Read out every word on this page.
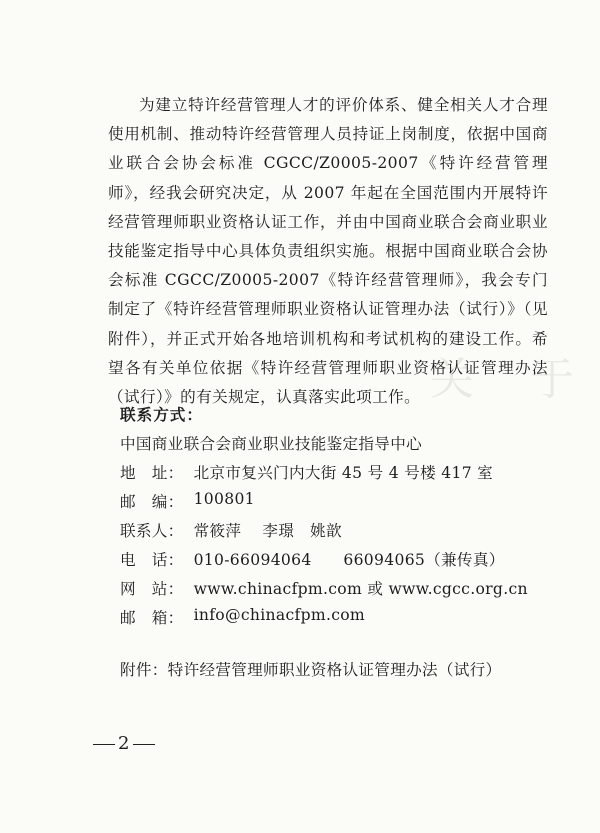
关　于

为建立特许经营管理人才的评价体系、健全相关人才合理使用机制、推动特许经营管理人员持证上岗制度，依据中国商业联合会协会标准 CGCC/Z0005-2007《特许经营管理师》，经我会研究决定，从 2007 年起在全国范围内开展特许经营管理师职业资格认证工作，并由中国商业联合会商业职业技能鉴定指导中心具体负责组织实施。根据中国商业联合会协会标准 CGCC/Z0005-2007《特许经营管理师》，我会专门制定了《特许经营管理师职业资格认证管理办法（试行）》（见附件），并正式开始各地培训机构和考试机构的建设工作。希望各有关单位依据《特许经营管理师职业资格认证管理办法（试行）》的有关规定，认真落实此项工作。

联系方式：
中国商业联合会商业职业技能鉴定指导中心
地　址： 北京市复兴门内大街 45 号 4 号楼 417 室
邮　编： 100801
联系人： 常筱萍　 李璟　姚歆
电　话： 010-66094064　　66094065（兼传真）
网　站： www.chinacfpm.com 或 www.cgcc.org.cn
邮　箱： info@chinacfpm.com
附件：特许经营管理师职业资格认证管理办法（试行）
2
